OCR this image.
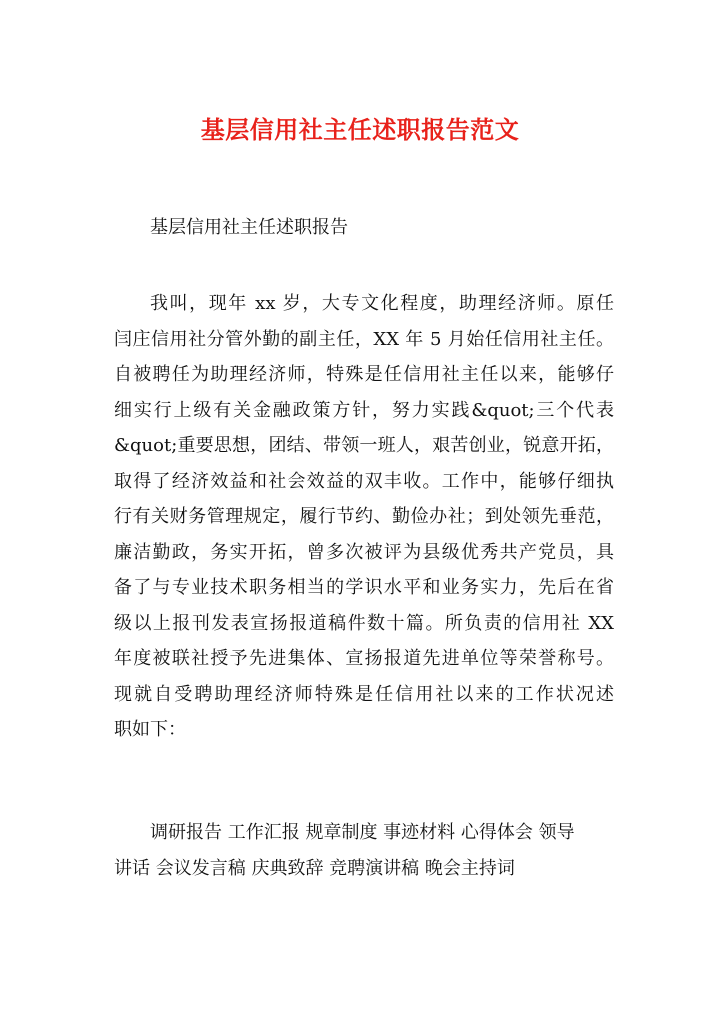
基层信用社主任述职报告范文
基层信用社主任述职报告
我叫，现年 xx 岁，大专文化程度，助理经济师。原任
闫庄信用社分管外勤的副主任，XX 年 5 月始任信用社主任。
自被聘任为助理经济师，特殊是任信用社主任以来，能够仔
细实行上级有关金融政策方针，努力实践&quot;三个代表
&quot;重要思想，团结、带领一班人，艰苦创业，锐意开拓，
取得了经济效益和社会效益的双丰收。工作中，能够仔细执
行有关财务管理规定，履行节约、勤俭办社；到处领先垂范，
廉洁勤政，务实开拓，曾多次被评为县级优秀共产党员，具
备了与专业技术职务相当的学识水平和业务实力，先后在省
级以上报刊发表宣扬报道稿件数十篇。所负责的信用社 XX
年度被联社授予先进集体、宣扬报道先进单位等荣誉称号。
现就自受聘助理经济师特殊是任信用社以来的工作状况述
职如下：
调研报告 工作汇报 规章制度 事迹材料 心得体会 领导
讲话 会议发言稿 庆典致辞 竞聘演讲稿 晚会主持词
